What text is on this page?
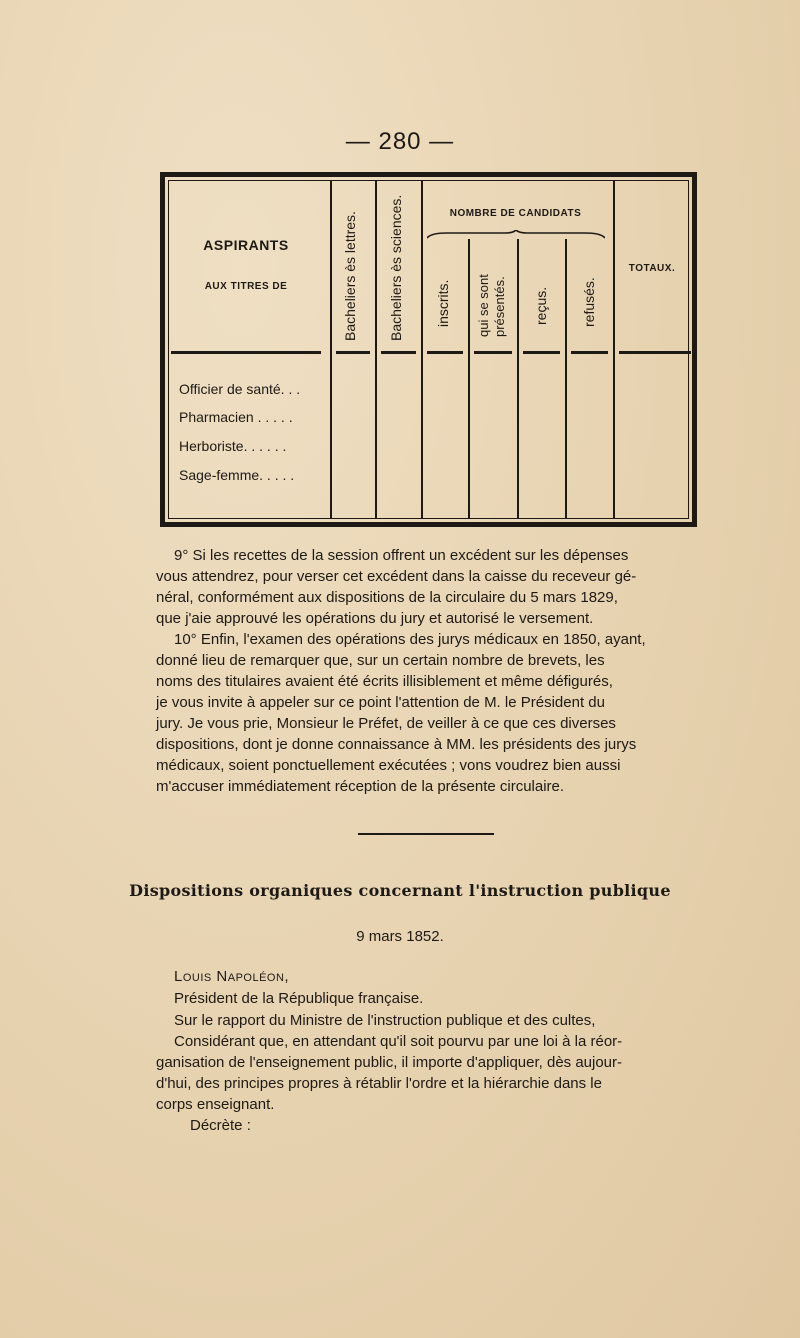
— 280 —
ASPIRANTS
AUX TITRES DE
NOMBRE DE CANDIDATS
TOTAUX.
Bacheliers ès lettres. Bacheliers ès sciences. inscrits. qui se sont présentés. reçus. refusés.
Officier de santé. . .
Pharmacien . . . . .
Herboriste. . . . . .
Sage-femme. . . . .
9° Si les recettes de la session offrent un excédent sur les dépenses
vous attendrez, pour verser cet excédent dans la caisse du receveur gé-
néral, conformément aux dispositions de la circulaire du 5 mars 1829,
que j'aie approuvé les opérations du jury et autorisé le versement.
10° Enfin, l'examen des opérations des jurys médicaux en 1850, ayant,
donné lieu de remarquer que, sur un certain nombre de brevets, les
noms des titulaires avaient été écrits illisiblement et même défigurés,
je vous invite à appeler sur ce point l'attention de M. le Président du
jury. Je vous prie, Monsieur le Préfet, de veiller à ce que ces diverses
dispositions, dont je donne connaissance à MM. les présidents des jurys
médicaux, soient ponctuellement exécutées ; vons voudrez bien aussi
m'accuser immédiatement réception de la présente circulaire.
Dispositions organiques concernant l'instruction publique
9 mars 1852.
Louis Napoléon,
Président de la République française.
Sur le rapport du Ministre de l'instruction publique et des cultes,
Considérant que, en attendant qu'il soit pourvu par une loi à la réor-
ganisation de l'enseignement public, il importe d'appliquer, dès aujour-
d'hui, des principes propres à rétablir l'ordre et la hiérarchie dans le
corps enseignant.
Décrète :
